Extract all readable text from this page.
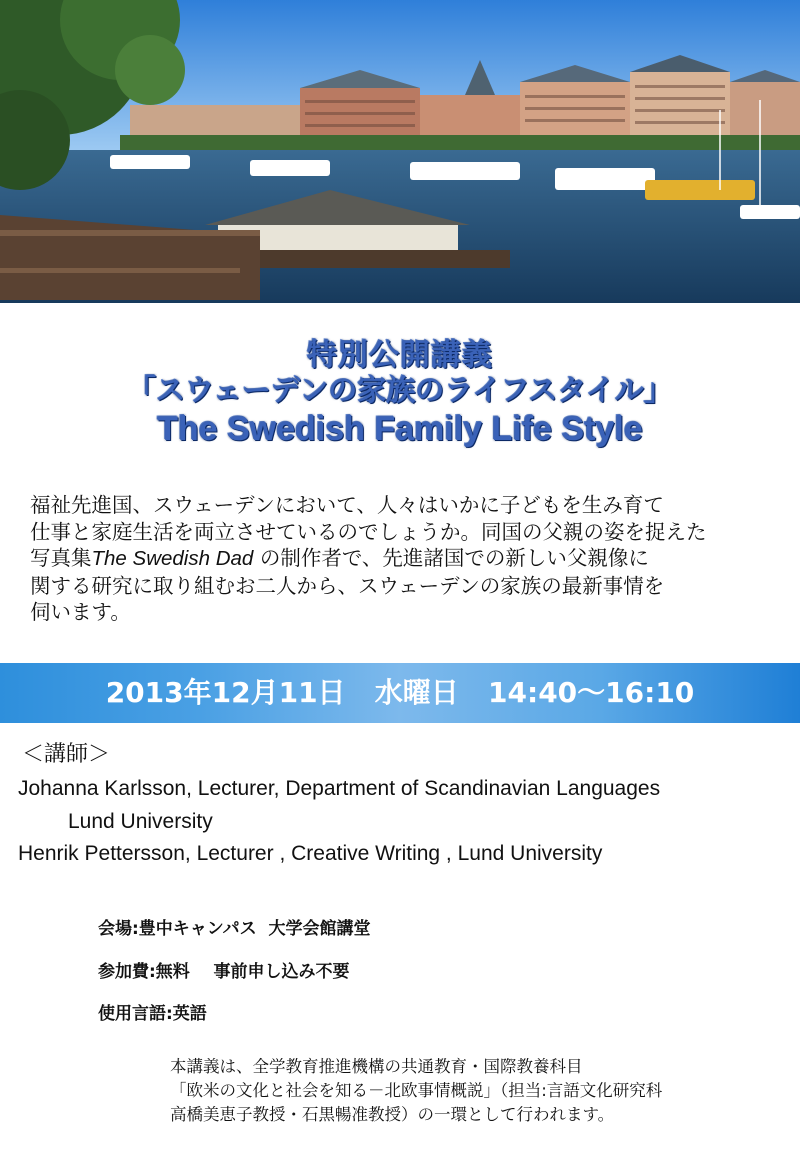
特別公開講義
「スウェーデンの家族のライフスタイル」
The Swedish Family Life Style
福祉先進国、スウェーデンにおいて、人々はいかに子どもを生み育て
仕事と家庭生活を両立させているのでしょうか。同国の父親の姿を捉えた
写真集The Swedish Dad の制作者で、先進諸国での新しい父親像に
関する研究に取り組むお二人から、スウェーデンの家族の最新事情を
伺います。
2013年12月11日   水曜日   14:40〜16:10
＜講師＞
Johanna Karlsson, Lecturer, Department of Scandinavian Languages
Lund University
Henrik Pettersson, Lecturer , Creative Writing , Lund University
会場:豊中キャンパス  大学会館講堂
参加費:無料    事前申し込み不要
使用言語:英語
本講義は、全学教育推進機構の共通教育・国際教養科目
「欧米の文化と社会を知る－北欧事情概説」（担当:言語文化研究科
高橋美恵子教授・石黒暢准教授）の一環として行われます。
